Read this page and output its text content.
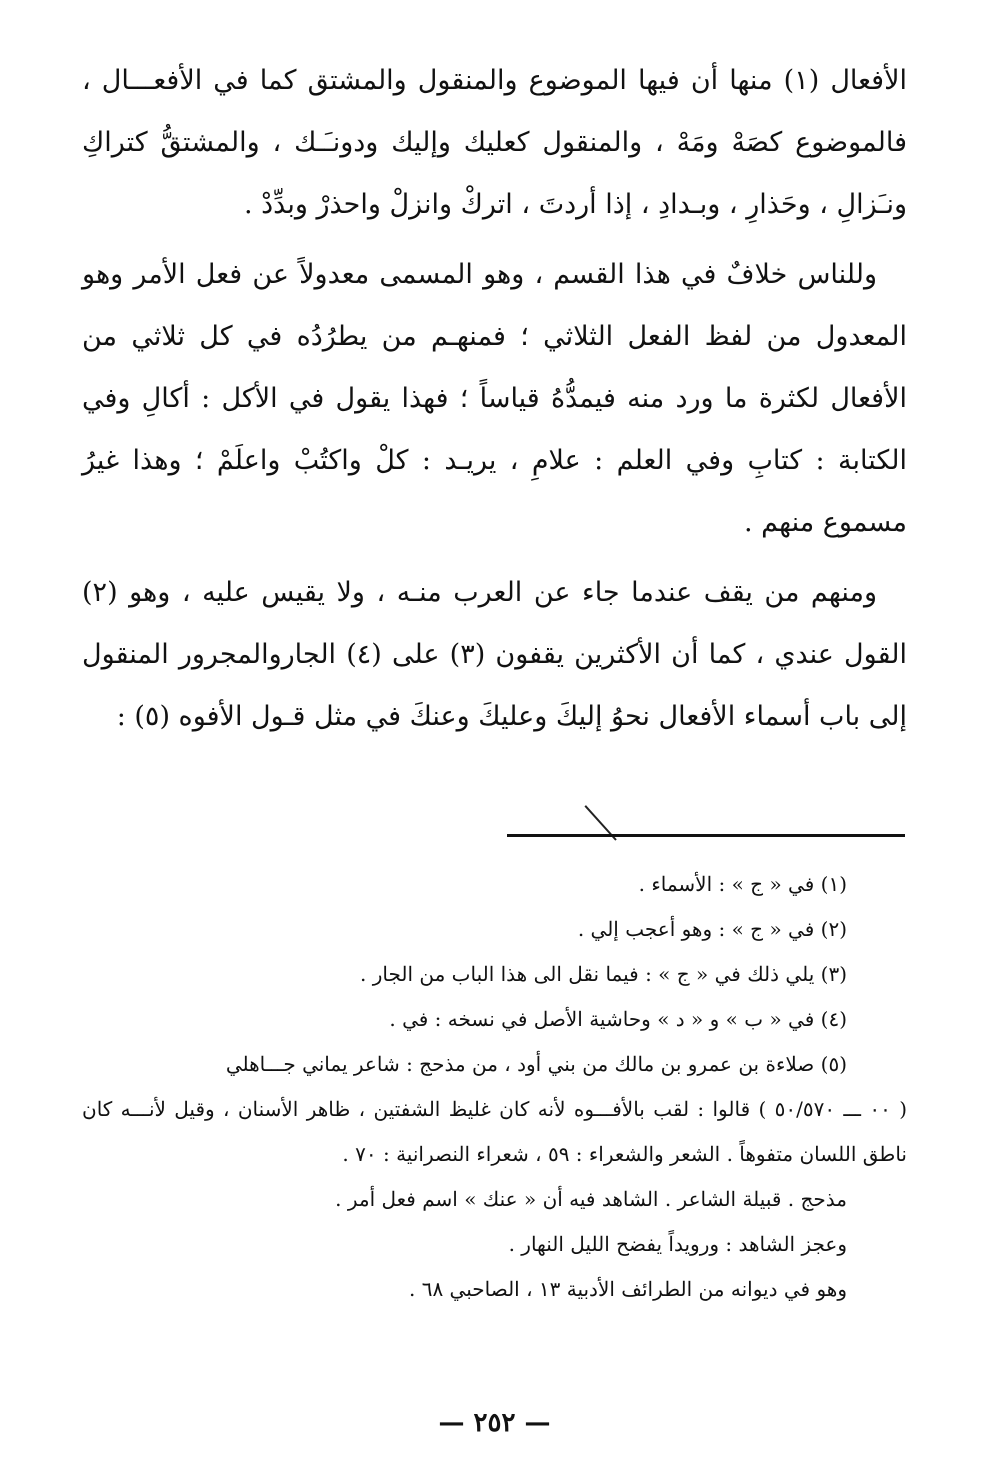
الأفعال (١) منها أن فيها الموضوع والمنقول والمشتق كما في الأفعـــال ، فالموضوع كصَهْ ومَهْ ، والمنقول كعليك وإليك ودونـَـك ، والمشتقُّ كتراكِ ونـَزالِ ، وحَذارِ ، وبـدادِ ، إذا أردتَ ، اتركْ وانزلْ واحذرْ وبدِّدْ .

وللناس خلافٌ في هذا القسم ، وهو المسمى معدولاً عن فعل الأمر وهو المعدول من لفظ الفعل الثلاثي ؛ فمنهـم من يطرُدُه في كل ثلاثي من الأفعال لكثرة ما ورد منه فيمدُّهُ قياساً ؛ فهذا يقول في الأكل : أكالِ وفي الكتابة : كتابِ وفي العلم : علامِ ، يريـد : كلْ واكتُبْ واعلَمْ ؛ وهذا غيرُ مسموع منهم .

ومنهم من يقف عندما جاء عن العرب منـه ، ولا يقيس عليه ، وهو (٢) القول عندي ، كما أن الأكثرين يقفون (٣) على (٤) الجاروالمجرور المنقول إلى باب أسماء الأفعال نحوُ إليكَ وعليكَ وعنكَ في مثل قـول الأفوه (٥) :

(١) في « ج » : الأسماء .

(٢) في « ج » : وهو أعجب إلي .

(٣) يلي ذلك في « ج » : فيما نقل الى هذا الباب من الجار .

(٤) في « ب » و « د » وحاشية الأصل في نسخه : في .

(٥) صلاءة بن عمرو بن مالك من بني أود ، من مذحج : شاعر يماني جـــاهلي

( ٠٠ ـــ ٥٠/٥٧٠ ) قالوا : لقب بالأفـــوه لأنه كان غليظ الشفتين ، ظاهر الأسنان ، وقيل لأنـــه كان ناطق اللسان متفوهاً . الشعر والشعراء : ٥٩ ، شعراء النصرانية : ٧٠ .

مذحج . قبيلة الشاعر . الشاهد فيه أن « عنك » اسم فعل أمر .

وعجز الشاهد : ورويداً يفضح الليل النهار .

وهو في ديوانه من الطرائف الأدبية ١٣ ، الصاحبي ٦٨ .

— ٢٥٢ —
